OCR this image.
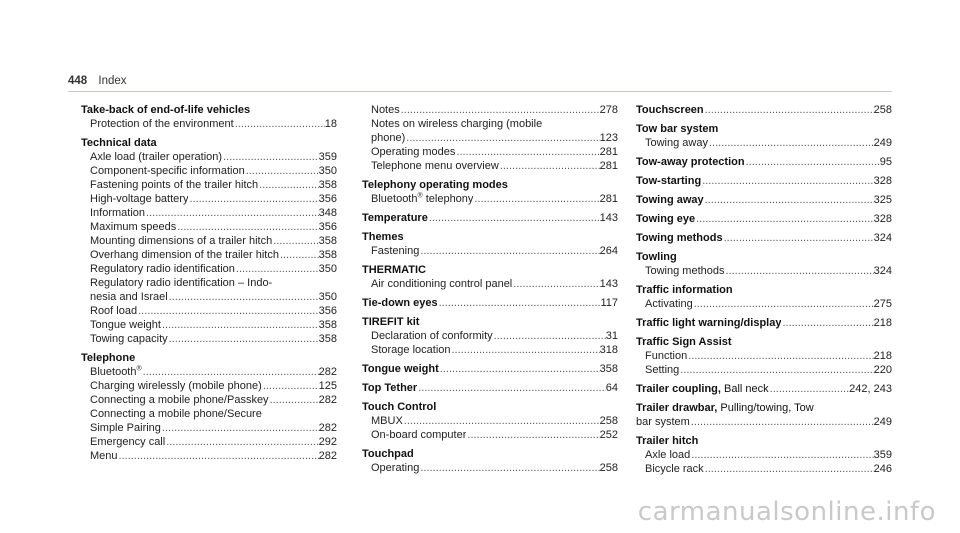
448 Index
Take-back of end-of-life vehicles
Protection of the environment .....	18
Technical data
Axle load (trailer operation) .....	359
Component-specific information .....	350
Fastening points of the trailer hitch .....	358
High-voltage battery .....	356
Information .....	348
Maximum speeds .....	356
Mounting dimensions of a trailer hitch .....	358
Overhang dimension of the trailer hitch .....	358
Regulatory radio identification .....	350
Regulatory radio identification – Indo-
nesia and Israel .....	350
Roof load .....	356
Tongue weight .....	358
Towing capacity .....	358
Telephone
Bluetooth® .....	282
Charging wirelessly (mobile phone) .....	125
Connecting a mobile phone/Passkey .....	282
Connecting a mobile phone/Secure
Simple Pairing .....	282
Emergency call .....	292
Menu .....	282
Notes .....	278
Notes on wireless charging (mobile
phone) .....	123
Operating modes .....	281
Telephone menu overview .....	281
Telephony operating modes
Bluetooth® telephony .....	281
Temperature .....	143
Themes
Fastening .....	264
THERMATIC
Air conditioning control panel .....	143
Tie-down eyes .....	117
TIREFIT kit
Declaration of conformity .....	31
Storage location .....	318
Tongue weight .....	358
Top Tether .....	64
Touch Control
MBUX .....	258
On-board computer .....	252
Touchpad
Operating .....	258
Touchscreen .....	258
Tow bar system
Towing away .....	249
Tow-away protection .....	95
Tow-starting .....	328
Towing away .....	325
Towing eye .....	328
Towing methods .....	324
Towling
Towing methods .....	324
Traffic information
Activating .....	275
Traffic light warning/display .....	218
Traffic Sign Assist
Function .....	218
Setting .....	220
Trailer coupling, Ball neck .....	242, 243
Trailer drawbar, Pulling/towing, Tow
bar system .....	249
Trailer hitch
Axle load .....	359
Bicycle rack .....	246
carmanualsonline.info
